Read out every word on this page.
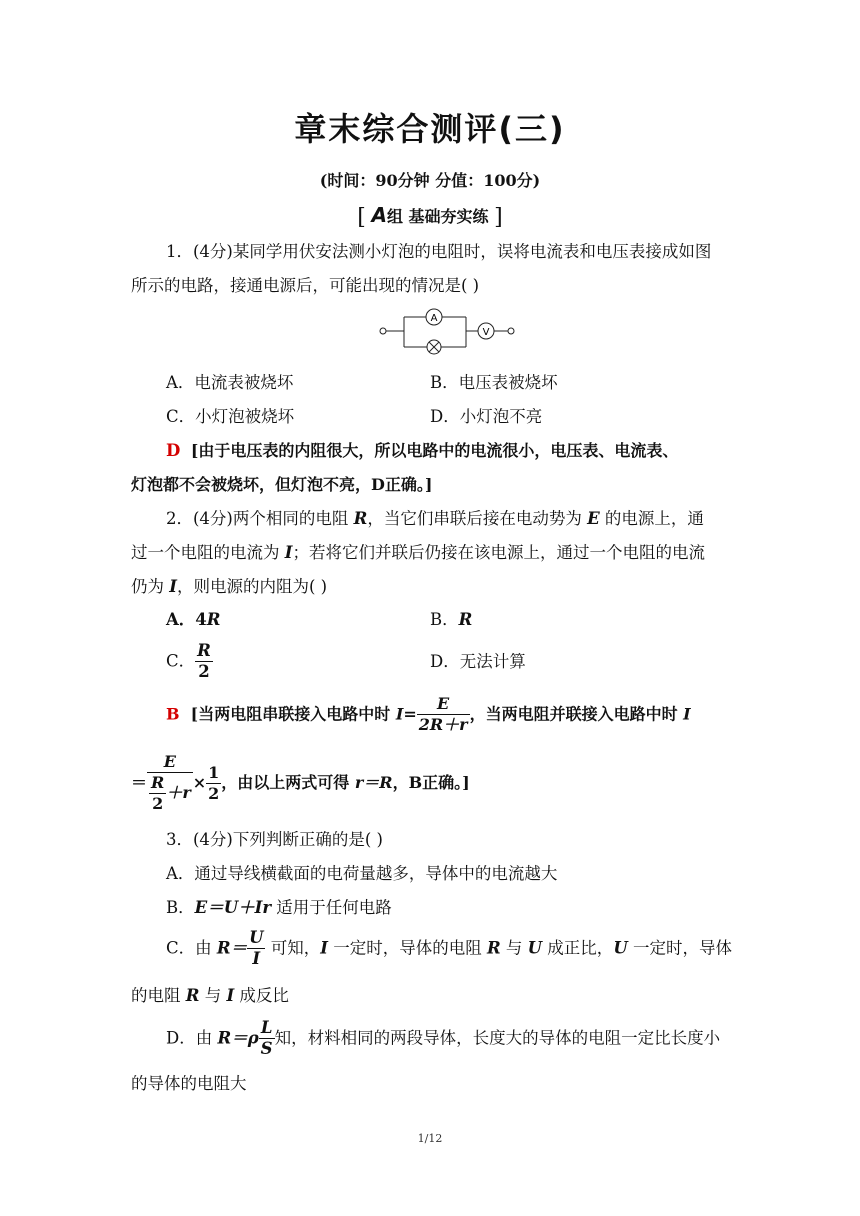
章末综合测评(三)
(时间：90分钟 分值：100分)
[ A组 基础夯实练 ]
1．(4分)某同学用伏安法测小灯泡的电阻时，误将电流表和电压表接成如图
所示的电路，接通电源后，可能出现的情况是( )
A
V
A．电流表被烧坏	B．电压表被烧坏
C．小灯泡被烧坏	D．小灯泡不亮
D [由于电压表的内阻很大，所以电路中的电流很小，电压表、电流表、
灯泡都不会被烧坏，但灯泡不亮，D正确。]
2．(4分)两个相同的电阻 R，当它们串联后接在电动势为 E 的电源上，通
过一个电阻的电流为 I；若将它们并联后仍接在该电源上，通过一个电阻的电流
仍为 I，则电源的内阻为( )
A．4R	B．R
C． $\frac{R}{2}$	D．无法计算
B [当两电阻串联接入电路中时 $I= \frac{E}{2R+r}$ ，当两电阻并联接入电路中时 I
＝ $\frac{E}{\frac{R}{2} +r} \times \frac{1}{2}$ ，由以上两式可得 r＝R，B正确。]
3．(4分)下列判断正确的是( )
A．通过导线横截面的电荷量越多，导体中的电流越大
B．E＝U＋Ir 适用于任何电路
C．由 $R= \frac{U}{I}$ 可知，I 一定时，导体的电阻 R 与 U 成正比，U 一定时，导体
的电阻 R 与 I 成反比
D．由 $R=\rho \frac{L}{S}$ 知，材料相同的两段导体，长度大的导体的电阻一定比长度小
的导体的电阻大
1/12
